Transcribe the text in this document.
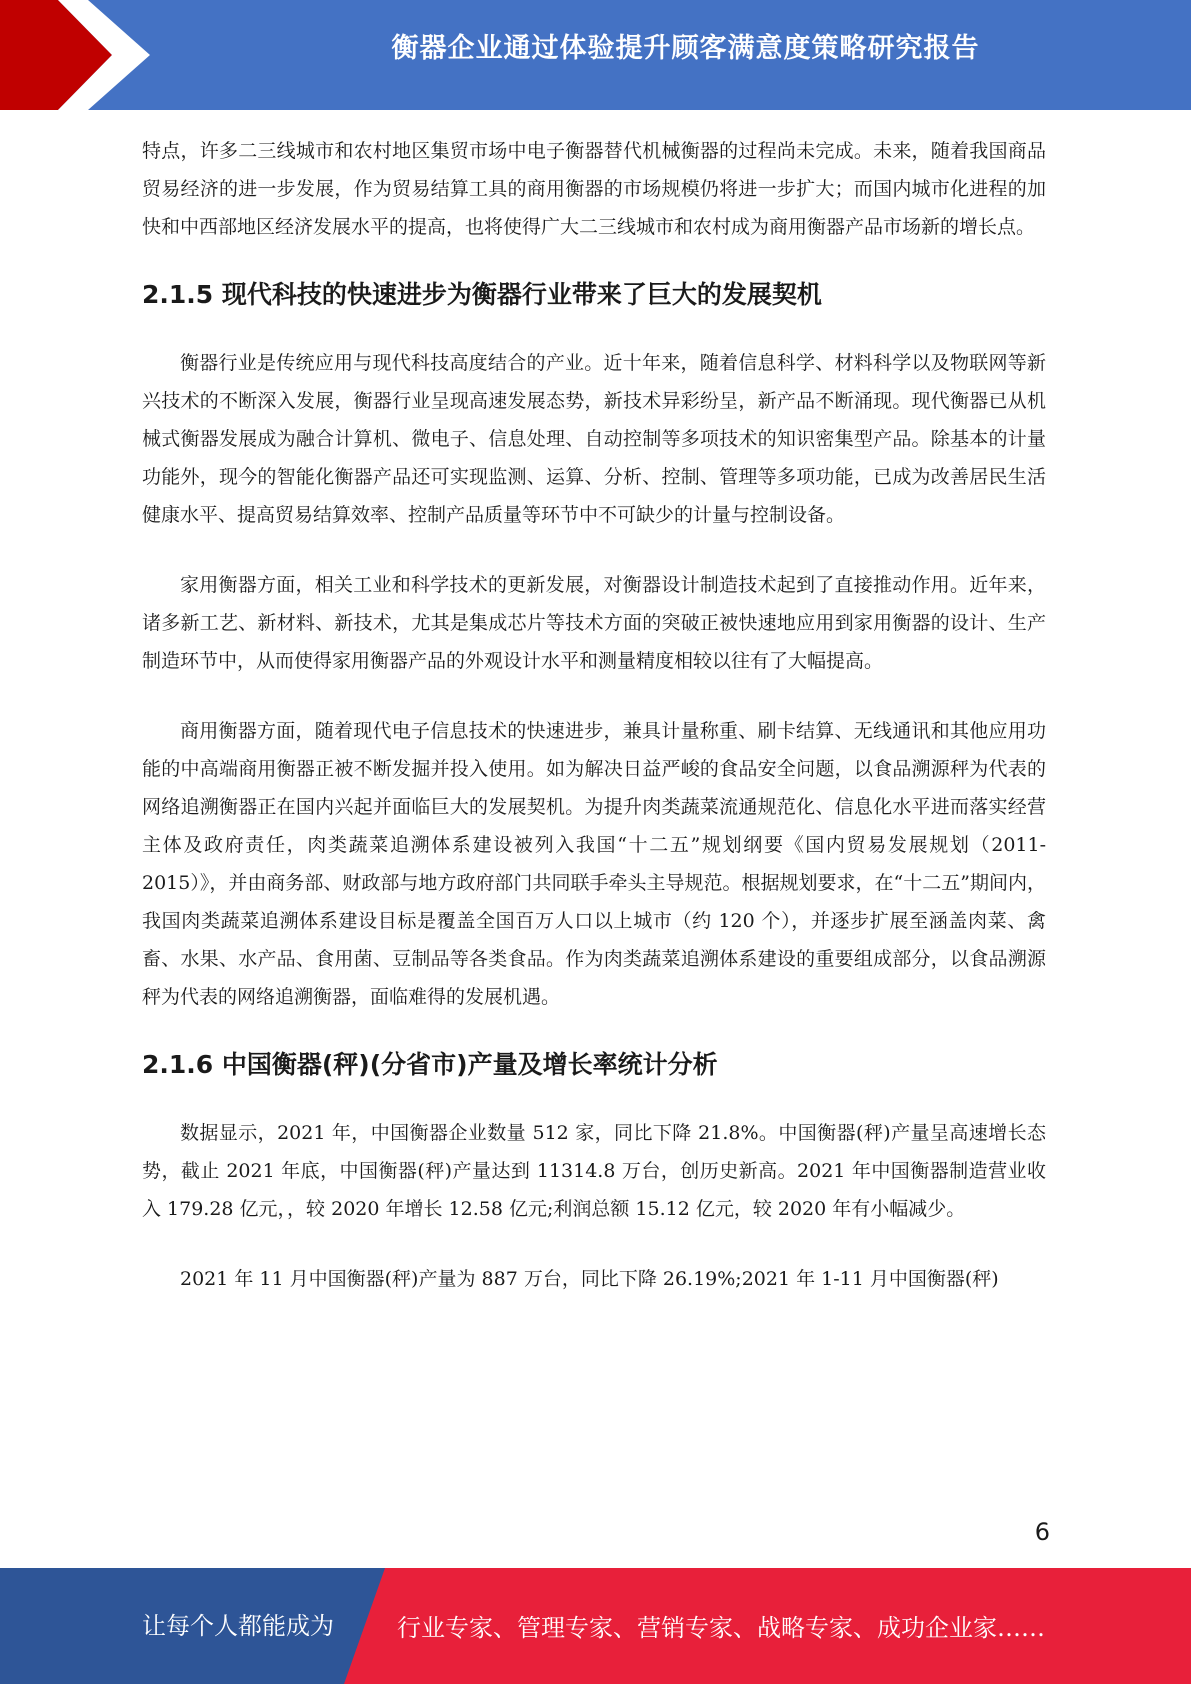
衡器企业通过体验提升顾客满意度策略研究报告

特点，许多二三线城市和农村地区集贸市场中电子衡器替代机械衡器的过程尚未完成。未来，随着我国商品贸易经济的进一步发展，作为贸易结算工具的商用衡器的市场规模仍将进一步扩大；而国内城市化进程的加快和中西部地区经济发展水平的提高，也将使得广大二三线城市和农村成为商用衡器产品市场新的增长点。

2.1.5 现代科技的快速进步为衡器行业带来了巨大的发展契机

衡器行业是传统应用与现代科技高度结合的产业。近十年来，随着信息科学、材料科学以及物联网等新兴技术的不断深入发展，衡器行业呈现高速发展态势，新技术异彩纷呈，新产品不断涌现。现代衡器已从机械式衡器发展成为融合计算机、微电子、信息处理、自动控制等多项技术的知识密集型产品。除基本的计量功能外，现今的智能化衡器产品还可实现监测、运算、分析、控制、管理等多项功能，已成为改善居民生活健康水平、提高贸易结算效率、控制产品质量等环节中不可缺少的计量与控制设备。

家用衡器方面，相关工业和科学技术的更新发展，对衡器设计制造技术起到了直接推动作用。近年来，诸多新工艺、新材料、新技术，尤其是集成芯片等技术方面的突破正被快速地应用到家用衡器的设计、生产制造环节中，从而使得家用衡器产品的外观设计水平和测量精度相较以往有了大幅提高。

商用衡器方面，随着现代电子信息技术的快速进步，兼具计量称重、刷卡结算、无线通讯和其他应用功能的中高端商用衡器正被不断发掘并投入使用。如为解决日益严峻的食品安全问题，以食品溯源秤为代表的网络追溯衡器正在国内兴起并面临巨大的发展契机。为提升肉类蔬菜流通规范化、信息化水平进而落实经营主体及政府责任，肉类蔬菜追溯体系建设被列入我国“十二五”规划纲要《国内贸易发展规划（2011-2015）》，并由商务部、财政部与地方政府部门共同联手牵头主导规范。根据规划要求，在“十二五”期间内，我国肉类蔬菜追溯体系建设目标是覆盖全国百万人口以上城市（约 120 个），并逐步扩展至涵盖肉菜、禽畜、水果、水产品、食用菌、豆制品等各类食品。作为肉类蔬菜追溯体系建设的重要组成部分，以食品溯源秤为代表的网络追溯衡器，面临难得的发展机遇。

2.1.6 中国衡器(秤)(分省市)产量及增长率统计分析

数据显示，2021 年，中国衡器企业数量 512 家，同比下降 21.8%。中国衡器(秤)产量呈高速增长态势，截止 2021 年底，中国衡器(秤)产量达到 11314.8 万台，创历史新高。2021 年中国衡器制造营业收入 179.28 亿元，，较 2020 年增长 12.58 亿元;利润总额 15.12 亿元，较 2020 年有小幅减少。

2021 年 11 月中国衡器(秤)产量为 887 万台，同比下降 26.19%;2021 年 1-11 月中国衡器(秤)

6
让每个人都能成为	行业专家、管理专家、营销专家、战略专家、成功企业家……
